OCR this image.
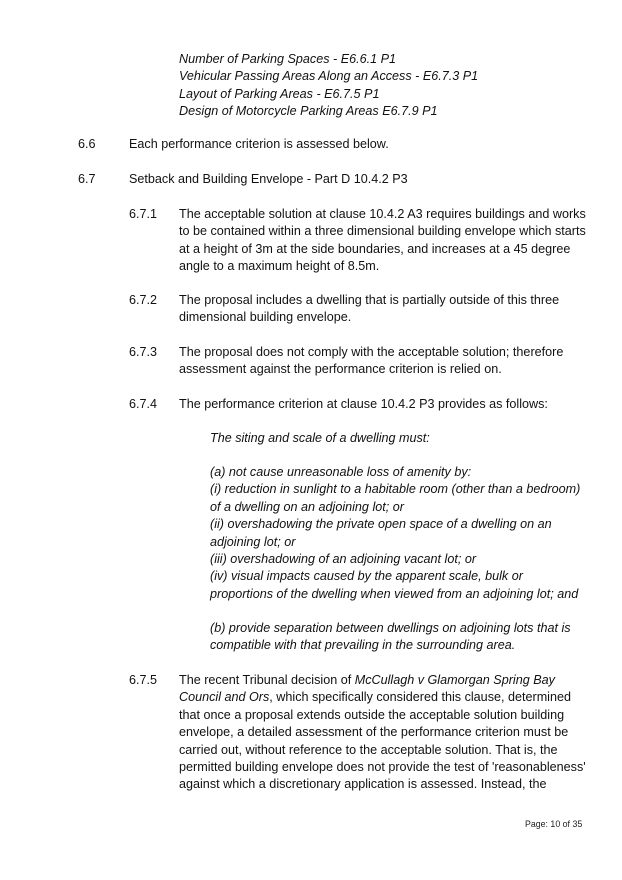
Number of Parking Spaces - E6.6.1 P1
Vehicular Passing Areas Along an Access - E6.7.3 P1
Layout of Parking Areas - E6.7.5 P1
Design of Motorcycle Parking Areas E6.7.9 P1
6.6	Each performance criterion is assessed below.
6.7	Setback and Building Envelope - Part D 10.4.2 P3
6.7.1 The acceptable solution at clause 10.4.2 A3 requires buildings and works
to be contained within a three dimensional building envelope which starts
at a height of 3m at the side boundaries, and increases at a 45 degree
angle to a maximum height of 8.5m.
6.7.2 The proposal includes a dwelling that is partially outside of this three
dimensional building envelope.
6.7.3 The proposal does not comply with the acceptable solution; therefore
assessment against the performance criterion is relied on.
6.7.4 The performance criterion at clause 10.4.2 P3 provides as follows:
The siting and scale of a dwelling must:
(a) not cause unreasonable loss of amenity by:
(i) reduction in sunlight to a habitable room (other than a bedroom)
of a dwelling on an adjoining lot; or
(ii) overshadowing the private open space of a dwelling on an
adjoining lot; or
(iii) overshadowing of an adjoining vacant lot; or
(iv) visual impacts caused by the apparent scale, bulk or
proportions of the dwelling when viewed from an adjoining lot; and
(b) provide separation between dwellings on adjoining lots that is
compatible with that prevailing in the surrounding area.
6.7.5 The recent Tribunal decision of McCullagh v Glamorgan Spring Bay
Council and Ors, which specifically considered this clause, determined
that once a proposal extends outside the acceptable solution building
envelope, a detailed assessment of the performance criterion must be
carried out, without reference to the acceptable solution. That is, the
permitted building envelope does not provide the test of 'reasonableness'
against which a discretionary application is assessed. Instead, the
Page: 10 of 35
